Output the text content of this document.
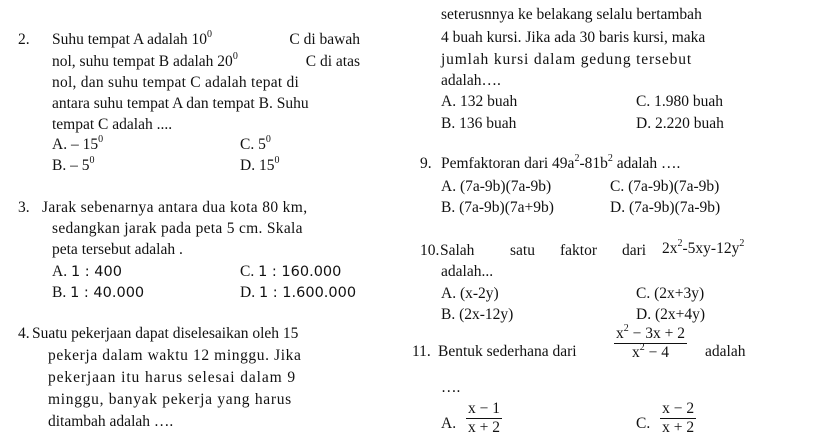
2. Suhu tempat A adalah $10^0$	C di bawah
nol, suhu tempat B adalah $20^0$	C di atas
nol, dan suhu tempat C adalah tepat di
antara suhu tempat A dan tempat B. Suhu
tempat C adalah ....
A. – $15^0$	C. $5^0$
B. – $5^0$	D. $15^0$
3. Jarak sebenarnya antara dua kota 80 km,
sedangkan jarak pada peta 5 cm. Skala
peta tersebut adalah .
A. 1 : 400	C. 1 : 160.000
B. 1 : 40.000	D. 1 : 1.600.000
4. Suatu pekerjaan dapat diselesaikan oleh 15
pekerja dalam waktu 12 minggu. Jika
pekerjaan itu harus selesai dalam 9
minggu, banyak pekerja yang harus
ditambah adalah ….
seterusnnya ke belakang selalu bertambah
4 buah kursi. Jika ada 30 baris kursi, maka
jumlah kursi dalam gedung tersebut
adalah….
A. 132 buah	C. 1.980 buah
B. 136 buah	D. 2.220 buah
9. Pemfaktoran dari $49a^2-81b^2$ adalah ….
A. (7a-9b)(7a-9b)	C. (7a-9b)(7a-9b)
B. (7a-9b)(7a+9b)	D. (7a-9b)(7a-9b)
10. Salah satu faktor dari $2x^2-5xy-12y^2$
adalah...
A. (x-2y)	C. (2x+3y)
B. (2x-12y)	D. (2x+4y)
11. Bentuk sederhana dari $\frac{x^2 - 3x + 2}{x^2 - 4}$ adalah
….
A. $\frac{x - 1}{x + 2}$	C. $\frac{x - 2}{x + 2}$
